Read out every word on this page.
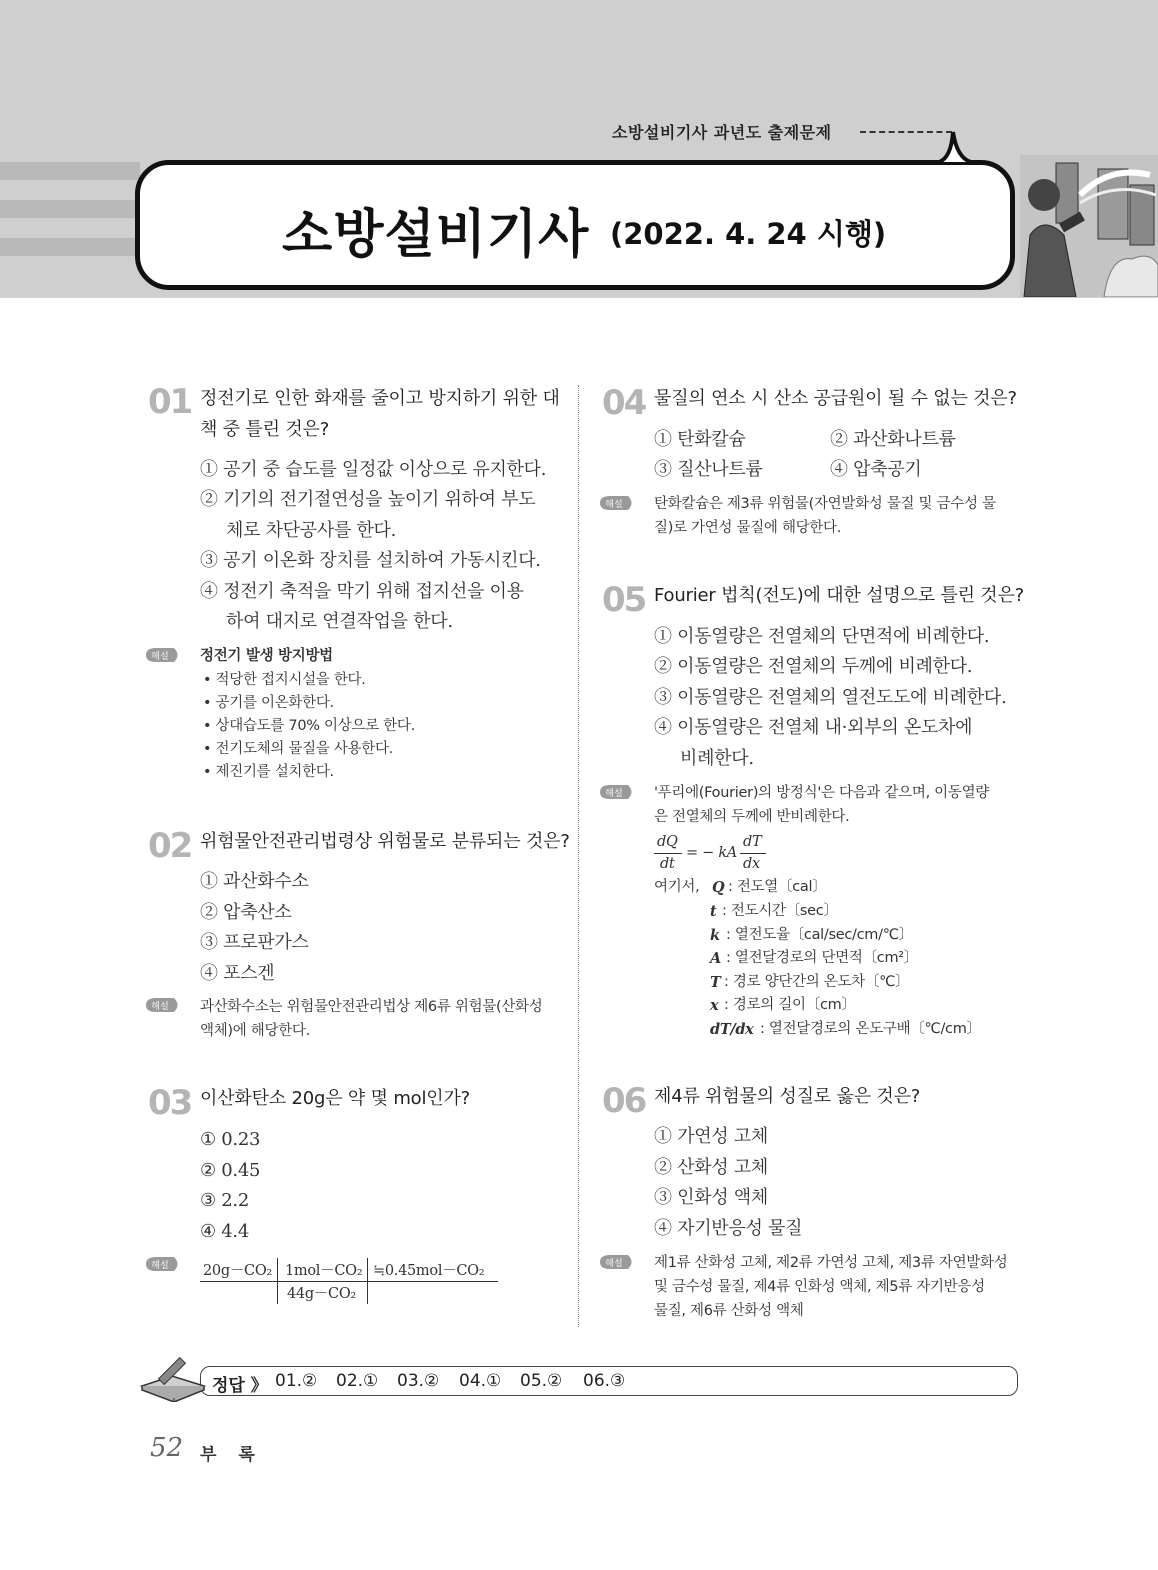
소방설비기사 과년도 출제문제
소방설비기사 (2022. 4. 24 시행)
01 정전기로 인한 화재를 줄이고 방지하기 위한 대
책 중 틀린 것은?
① 공기 중 습도를 일정값 이상으로 유지한다.
② 기기의 전기절연성을 높이기 위하여 부도
체로 차단공사를 한다.
③ 공기 이온화 장치를 설치하여 가동시킨다.
④ 정전기 축적을 막기 위해 접지선을 이용
하여 대지로 연결작업을 한다.
해설 정전기 발생 방지방법
• 적당한 접지시설을 한다.
• 공기를 이온화한다.
• 상대습도를 70% 이상으로 한다.
• 전기도체의 물질을 사용한다.
• 제진기를 설치한다.
02 위험물안전관리법령상 위험물로 분류되는 것은?
① 과산화수소
② 압축산소
③ 프로판가스
④ 포스겐
해설 과산화수소는 위험물안전관리법상 제6류 위험물(산화성
액체)에 해당한다.
03 이산화탄소 20g은 약 몇 mol인가?
① 0.23
② 0.45
③ 2.2
④ 4.4
해설 20g－CO₂ 1mol－CO₂ ≒0.45mol－CO₂
44g－CO₂
04 물질의 연소 시 산소 공급원이 될 수 없는 것은?
① 탄화칼슘	② 과산화나트륨
③ 질산나트륨	④ 압축공기
해설 탄화칼슘은 제3류 위험물(자연발화성 물질 및 금수성 물
질)로 가연성 물질에 해당한다.
05 Fourier 법칙(전도)에 대한 설명으로 틀린 것은?
① 이동열량은 전열체의 단면적에 비례한다.
② 이동열량은 전열체의 두께에 비례한다.
③ 이동열량은 전열체의 열전도도에 비례한다.
④ 이동열량은 전열체 내·외부의 온도차에
비례한다.
해설 '푸리에(Fourier)의 방정식'은 다음과 같으며, 이동열량
은 전열체의 두께에 반비례한다.
dQ
dt
= − kA
dT
dx
여기서, Q : 전도열〔cal〕
t : 전도시간〔sec〕
k : 열전도율〔cal/sec/cm/℃〕
A : 열전달경로의 단면적〔cm²〕
T : 경로 양단간의 온도차〔℃〕
x : 경로의 길이〔cm〕
dT/dx : 열전달경로의 온도구배〔℃/cm〕
06 제4류 위험물의 성질로 옳은 것은?
① 가연성 고체
② 산화성 고체
③ 인화성 액체
④ 자기반응성 물질
해설 제1류 산화성 고체, 제2류 가연성 고체, 제3류 자연발화성
및 금수성 물질, 제4류 인화성 액체, 제5류 자기반응성
물질, 제6류 산화성 액체
정답 》 01.② 02.① 03.② 04.① 05.② 06.③
52 부 록
